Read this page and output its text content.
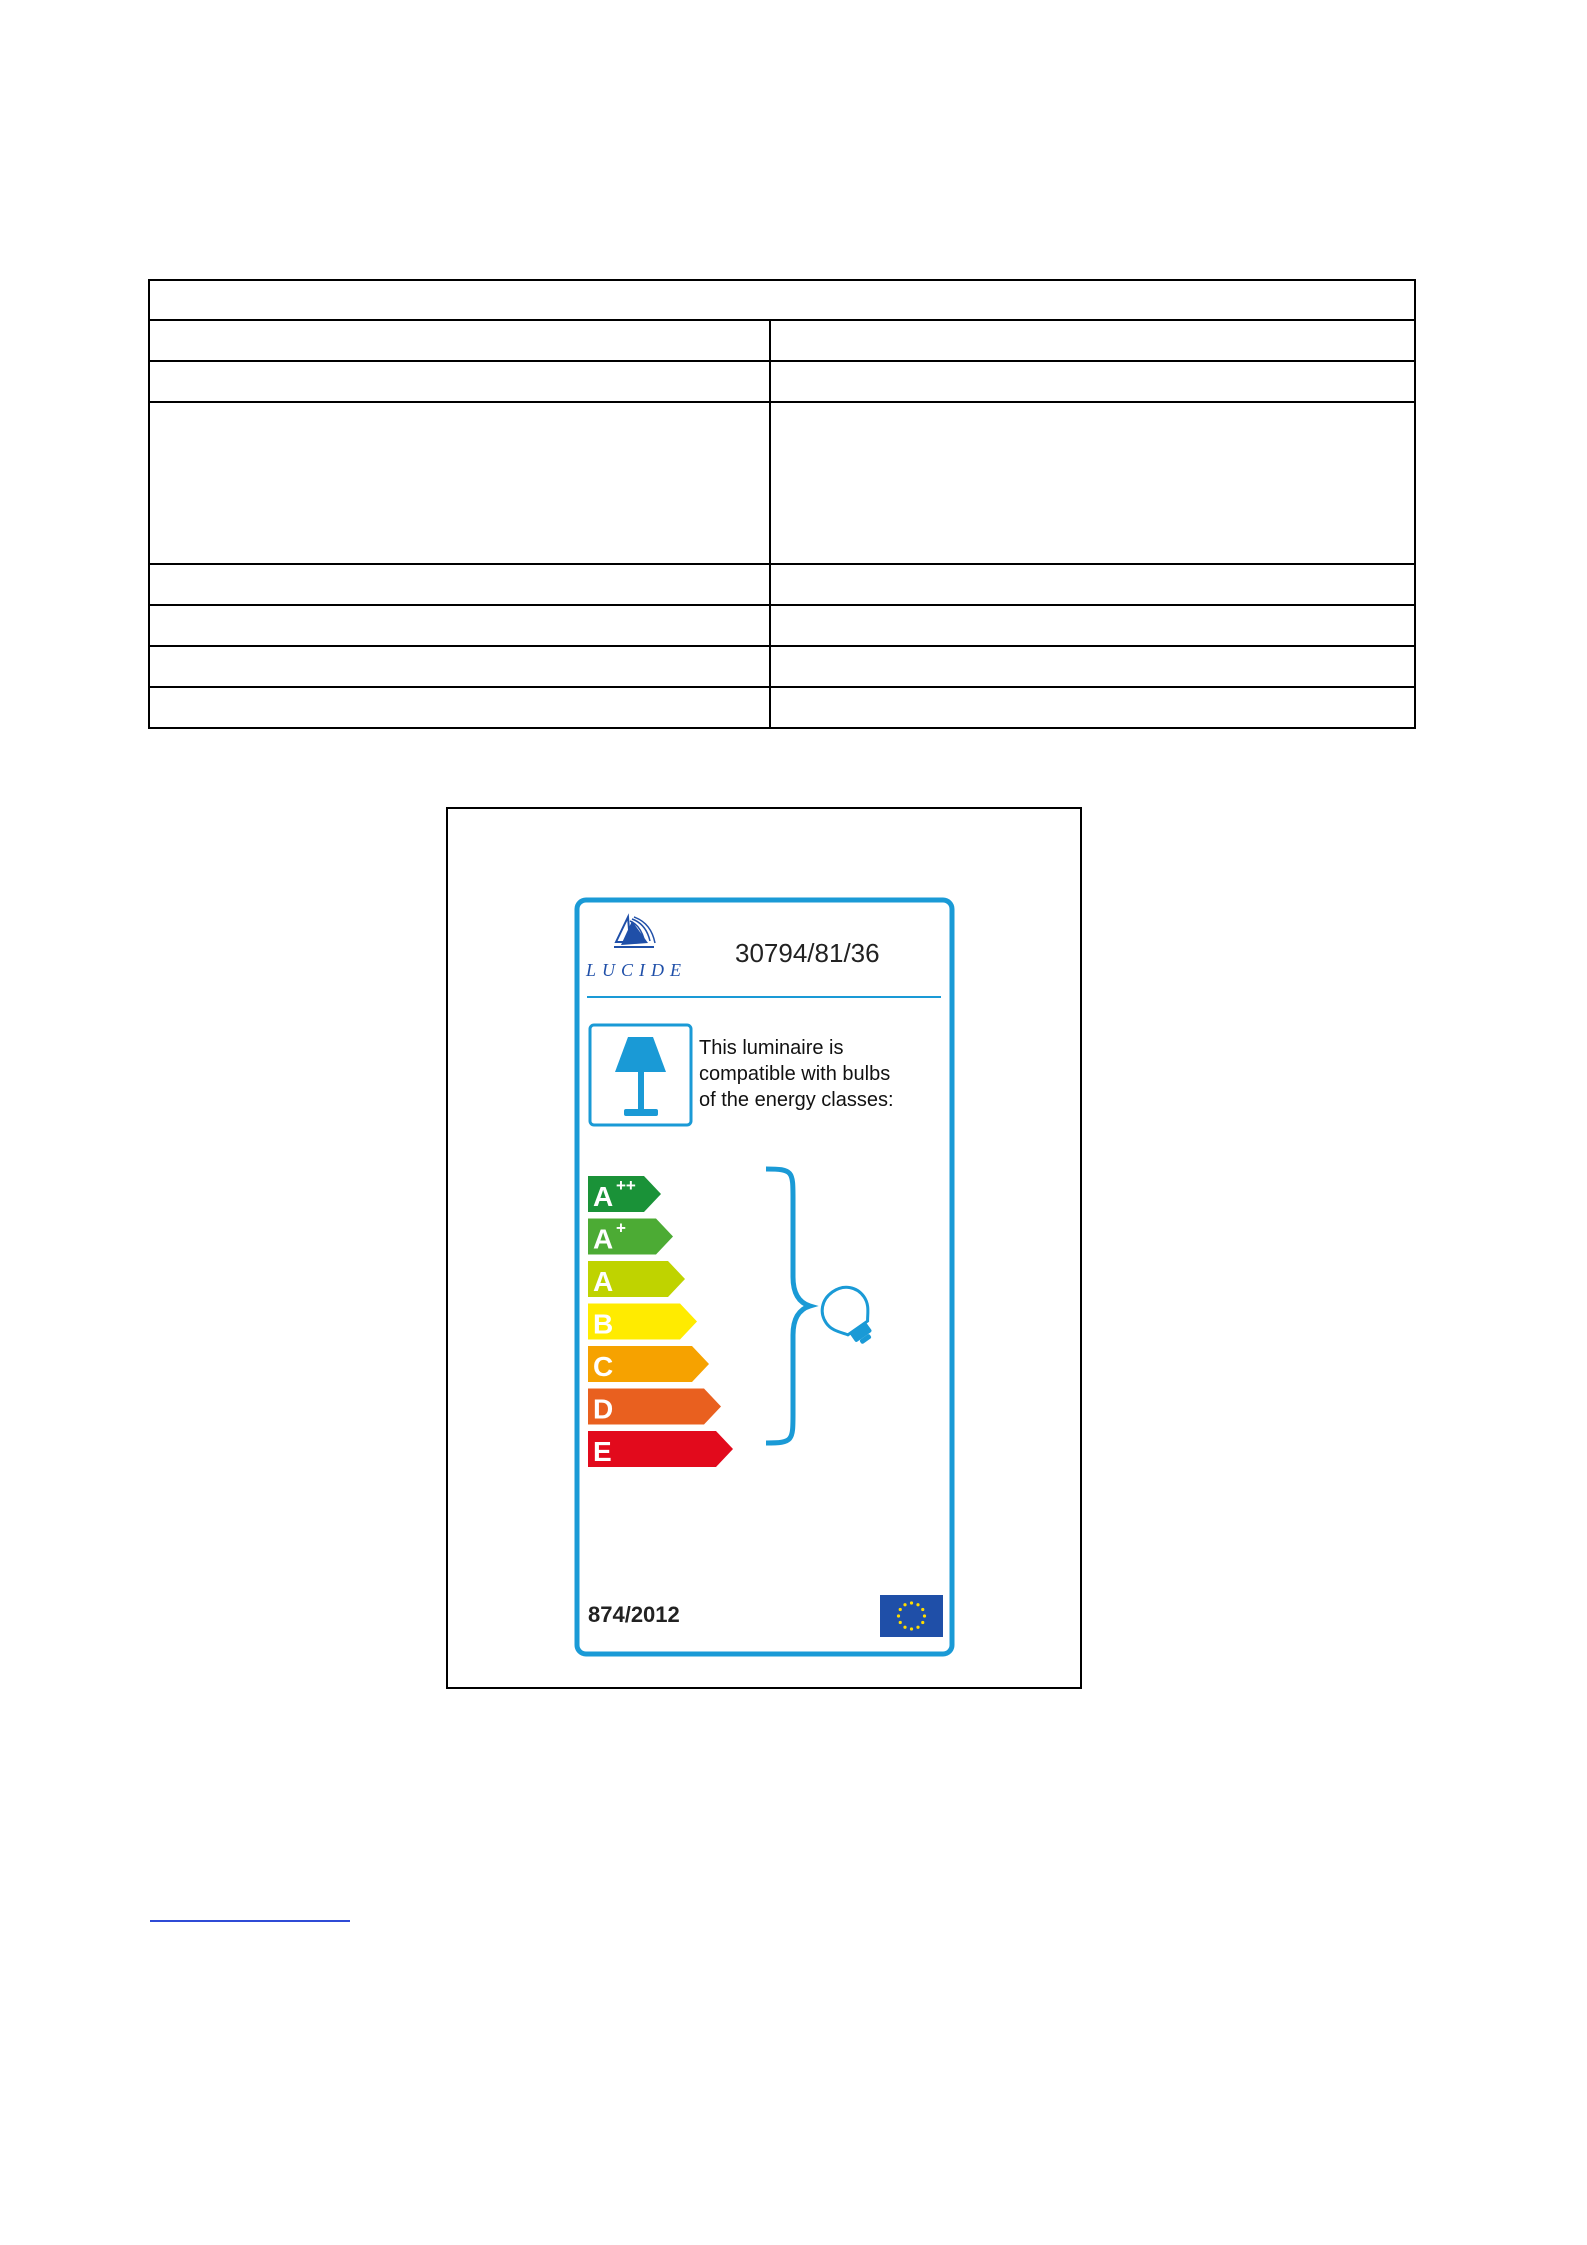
LUCIDE
30794/81/36
This luminaire is compatible with bulbs of the energy classes:
A ++
A +
A
B
C
D
E
874/2012
